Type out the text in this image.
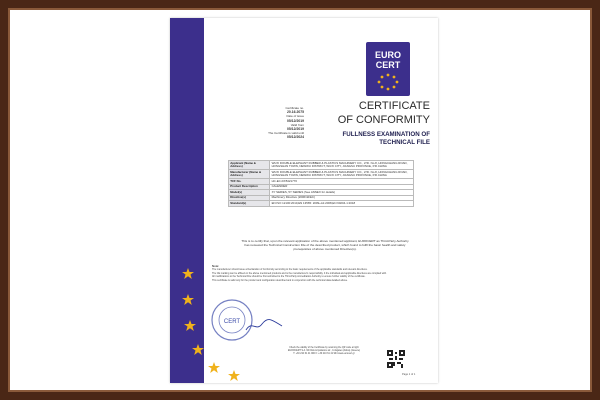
EURO
CERT
Certificate no.
20.16.2075
Date of issue
05/12/2019
Valid from
05/12/2019
The Certificate is valid until
05/12/2024
CERTIFICATE
OF CONFORMITY
FULLNESS EXAMINATION OF
TECHNICAL FILE
Applicant (Name & Address)	WUXI DOUBLE ELEPHANT RUBBER & PLASTICS MACHINERY CO., LTD. No.8, HONGCHANG ROAD, HONGSHAN TOWN, NEWWU DISTRICT, WUXI CITY, JIANGSU PROVINCE, P.R.CHINA
Manufacturer (Name & Address)	WUXI DOUBLE ELEPHANT RUBBER & PLASTICS MACHINERY CO., LTD. No.8, HONGCHANG ROAD, HONGSHAN TOWN, NEWWU DISTRICT, WUXI CITY, JIANGSU PROVINCE, P.R.CHINA
TCF No.	HC-EC-DX5421770
Product Description	CALENDER
Model(s)	XY SERIES, 5Y SERIES (See ANNEX for details)
Directive(s)	Machinery Directive (2006/42/EC)
Standard(s)	EN ISO 12100:2010,EN 13565: 2009+A1:2008,EN 60204-1:2018
This is to certify that, upon the relevant application of the above mentioned applicant, EUROCERT as Third-Party Authority has reviewed the Technical Construction File of the described product, which found to fulfil the basic health and safety prerequisites of above mentioned Directive(s).
Note:
The manufacturer should issue a Declaration of Conformity according to the basic requirements of the applicable standards and relevant directives.
The CE marking can be affixed on the above mentioned products and is the manufacturer's responsibility. It the individual and applicable directives are complied with.
All modifications to the Technical File should be first submitted to the Third-Party Accreditation Authority to ensure further validity of the certificate.
This certificate is valid only for the product and configuration described and in conjunction with the technical data detailed above.
CERT
Check the validity of the Certificate by scanning the QR code at right
EUROCERT S.A. 90 Nikis & Ipsilantou str., 11 Egaleo (Attica) (Greece)
T: +30 210 61 41 900 F: +30 210 61 41 904 www.eurocert.gr
Page 1 of 1
